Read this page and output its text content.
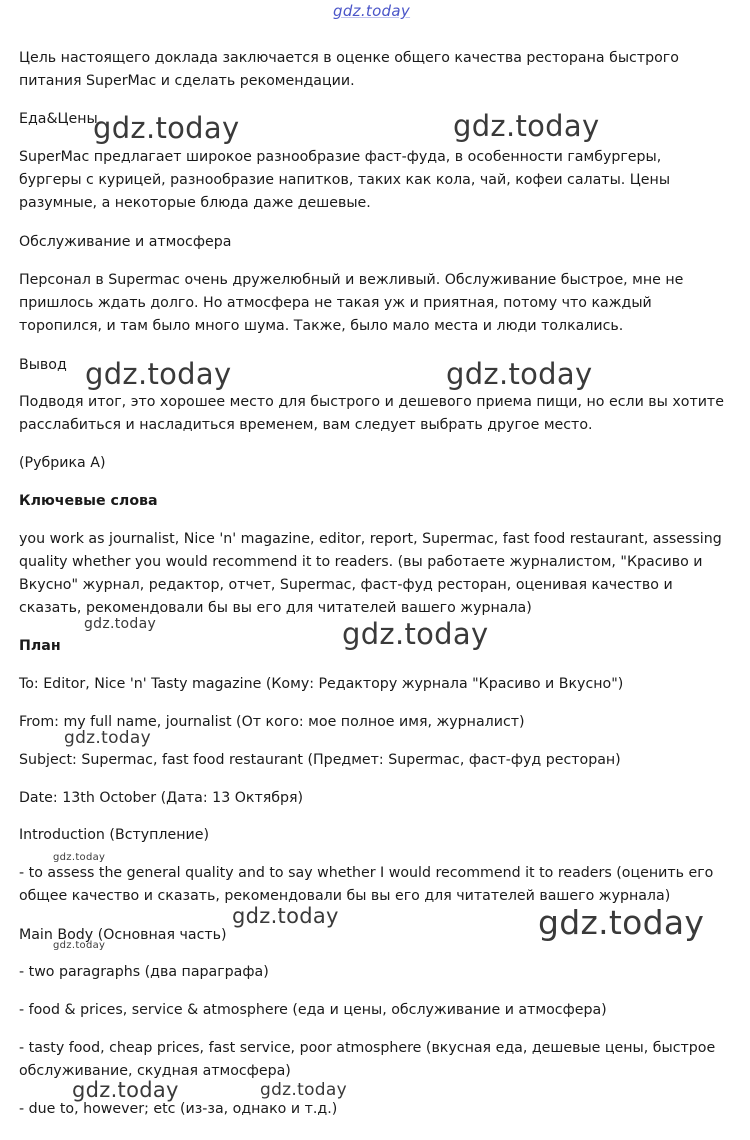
gdz.today

Цель настоящего доклада заключается в оценке общего качества ресторана быстрого питания SuperMac и сделать рекомендации.

Еда&Цены

SuperMac предлагает широкое разнообразие фаст-фуда, в особенности гамбургеры, бургеры с курицей, разнообразие напитков, таких как кола, чай, кофеи салаты. Цены разумные, а некоторые блюда даже дешевые.

Обслуживание и атмосфера

Персонал в Supermac очень дружелюбный и вежливый. Обслуживание быстрое, мне не пришлось ждать долго. Но атмосфера не такая уж и приятная, потому что каждый торопился, и там было много шума. Также, было мало места и люди толкались.

Вывод

Подводя итог, это хорошее место для быстрого и дешевого приема пищи, но если вы хотите расслабиться и насладиться временем, вам следует выбрать другое место.

(Рубрика А)

Ключевые слова

you work as journalist, Nice 'n' magazine, editor, report, Supermac, fast food restaurant, assessing quality whether you would recommend it to readers. (вы работаете журналистом, "Красиво и Вкусно" журнал, редактор, отчет, Supermac, фаст-фуд ресторан, оценивая качество и сказать, рекомендовали бы вы его для читателей вашего журнала)

План

To: Editor, Nice 'n' Tasty magazine (Кому: Редактору журнала "Красиво и Вкусно")

From: my full name, journalist (От кого: мое полное имя, журналист)

Subject: Supermac, fast food restaurant (Предмет: Supermac, фаст-фуд ресторан)

Date: 13th October (Дата: 13 Октября)

Introduction (Вступление)

- to assess the general quality and to say whether I would recommend it to readers (оценить его общее качество и сказать, рекомендовали бы вы его для читателей вашего журнала)

Main Body (Основная часть)

- two paragraphs (два параграфа)

- food & prices, service & atmosphere (еда и цены, обслуживание и атмосфера)

- tasty food, cheap prices, fast service, poor atmosphere (вкусная еда, дешевые цены, быстрое обслуживание, скудная атмосфера)

- due to, however; etc (из-за, однако и т.д.)

gdz.today	gdz.today
gdz.today	gdz.today
gdz.today	gdz.today
gdz.today
gdz.today
gdz.today	gdz.today
gdz.today
gdz.today	gdz.today
